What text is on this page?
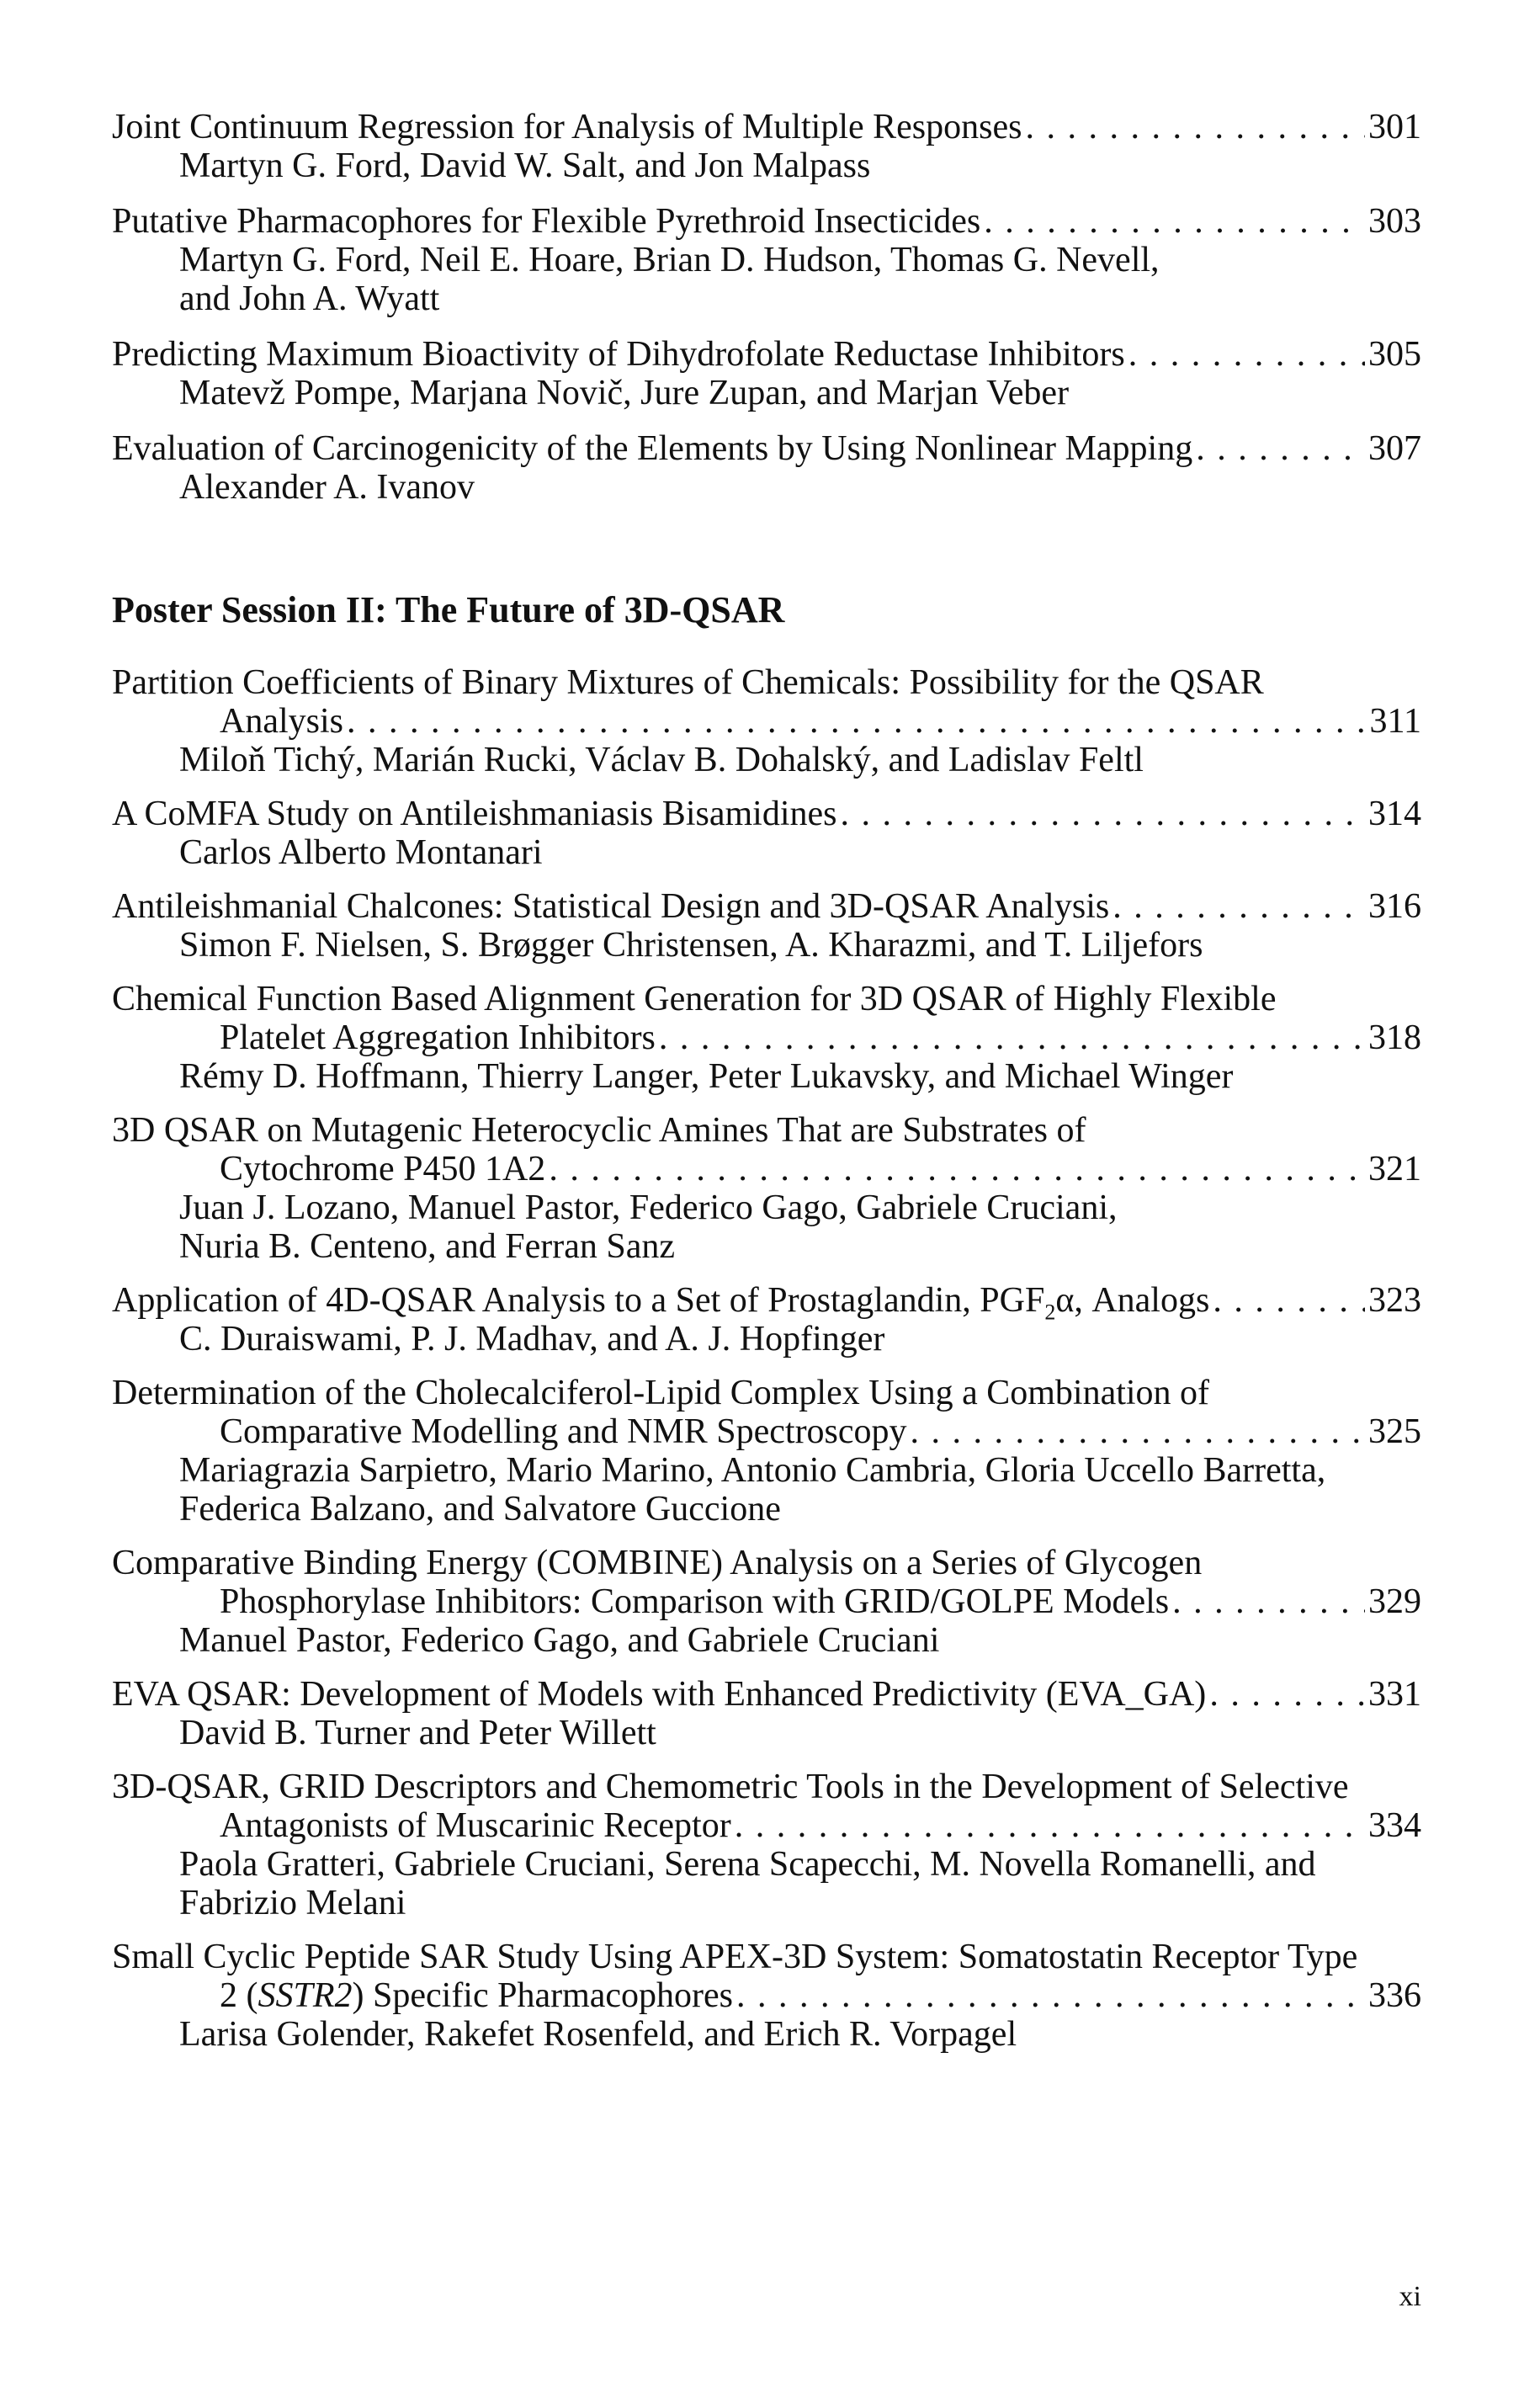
Joint Continuum Regression for Analysis of Multiple Responses . . .	301
Martyn G. Ford, David W. Salt, and Jon Malpass
Putative Pharmacophores for Flexible Pyrethroid Insecticides . . .	303
Martyn G. Ford, Neil E. Hoare, Brian D. Hudson, Thomas G. Nevell,
and John A. Wyatt
Predicting Maximum Bioactivity of Dihydrofolate Reductase Inhibitors . . .	305
Matevž Pompe, Marjana Novič, Jure Zupan, and Marjan Veber
Evaluation of Carcinogenicity of the Elements by Using Nonlinear Mapping . . .	307
Alexander A. Ivanov
Poster Session II: The Future of 3D-QSAR
Partition Coefficients of Binary Mixtures of Chemicals: Possibility for the QSAR
Analysis . . .	311
Miloň Tichý, Marián Rucki, Václav B. Dohalský, and Ladislav Feltl
A CoMFA Study on Antileishmaniasis Bisamidines . . .	314
Carlos Alberto Montanari
Antileishmanial Chalcones: Statistical Design and 3D-QSAR Analysis . . .	316
Simon F. Nielsen, S. Brøgger Christensen, A. Kharazmi, and T. Liljefors
Chemical Function Based Alignment Generation for 3D QSAR of Highly Flexible
Platelet Aggregation Inhibitors . . .	318
Rémy D. Hoffmann, Thierry Langer, Peter Lukavsky, and Michael Winger
3D QSAR on Mutagenic Heterocyclic Amines That are Substrates of
Cytochrome P450 1A2 . . .	321
Juan J. Lozano, Manuel Pastor, Federico Gago, Gabriele Cruciani,
Nuria B. Centeno, and Ferran Sanz
Application of 4D-QSAR Analysis to a Set of Prostaglandin, $PGF_2\alpha$, Analogs . . .	323
C. Duraiswami, P. J. Madhav, and A. J. Hopfinger
Determination of the Cholecalciferol-Lipid Complex Using a Combination of
Comparative Modelling and NMR Spectroscopy . . .	325
Mariagrazia Sarpietro, Mario Marino, Antonio Cambria, Gloria Uccello Barretta,
Federica Balzano, and Salvatore Guccione
Comparative Binding Energy (COMBINE) Analysis on a Series of Glycogen
Phosphorylase Inhibitors: Comparison with GRID/GOLPE Models . . .	329
Manuel Pastor, Federico Gago, and Gabriele Cruciani
EVA QSAR: Development of Models with Enhanced Predictivity (EVA_GA) . . .	331
David B. Turner and Peter Willett
3D-QSAR, GRID Descriptors and Chemometric Tools in the Development of Selective
Antagonists of Muscarinic Receptor . . .	334
Paola Gratteri, Gabriele Cruciani, Serena Scapecchi, M. Novella Romanelli, and
Fabrizio Melani
Small Cyclic Peptide SAR Study Using APEX-3D System: Somatostatin Receptor Type
2 (SSTR2) Specific Pharmacophores . . .	336
Larisa Golender, Rakefet Rosenfeld, and Erich R. Vorpagel
xi
